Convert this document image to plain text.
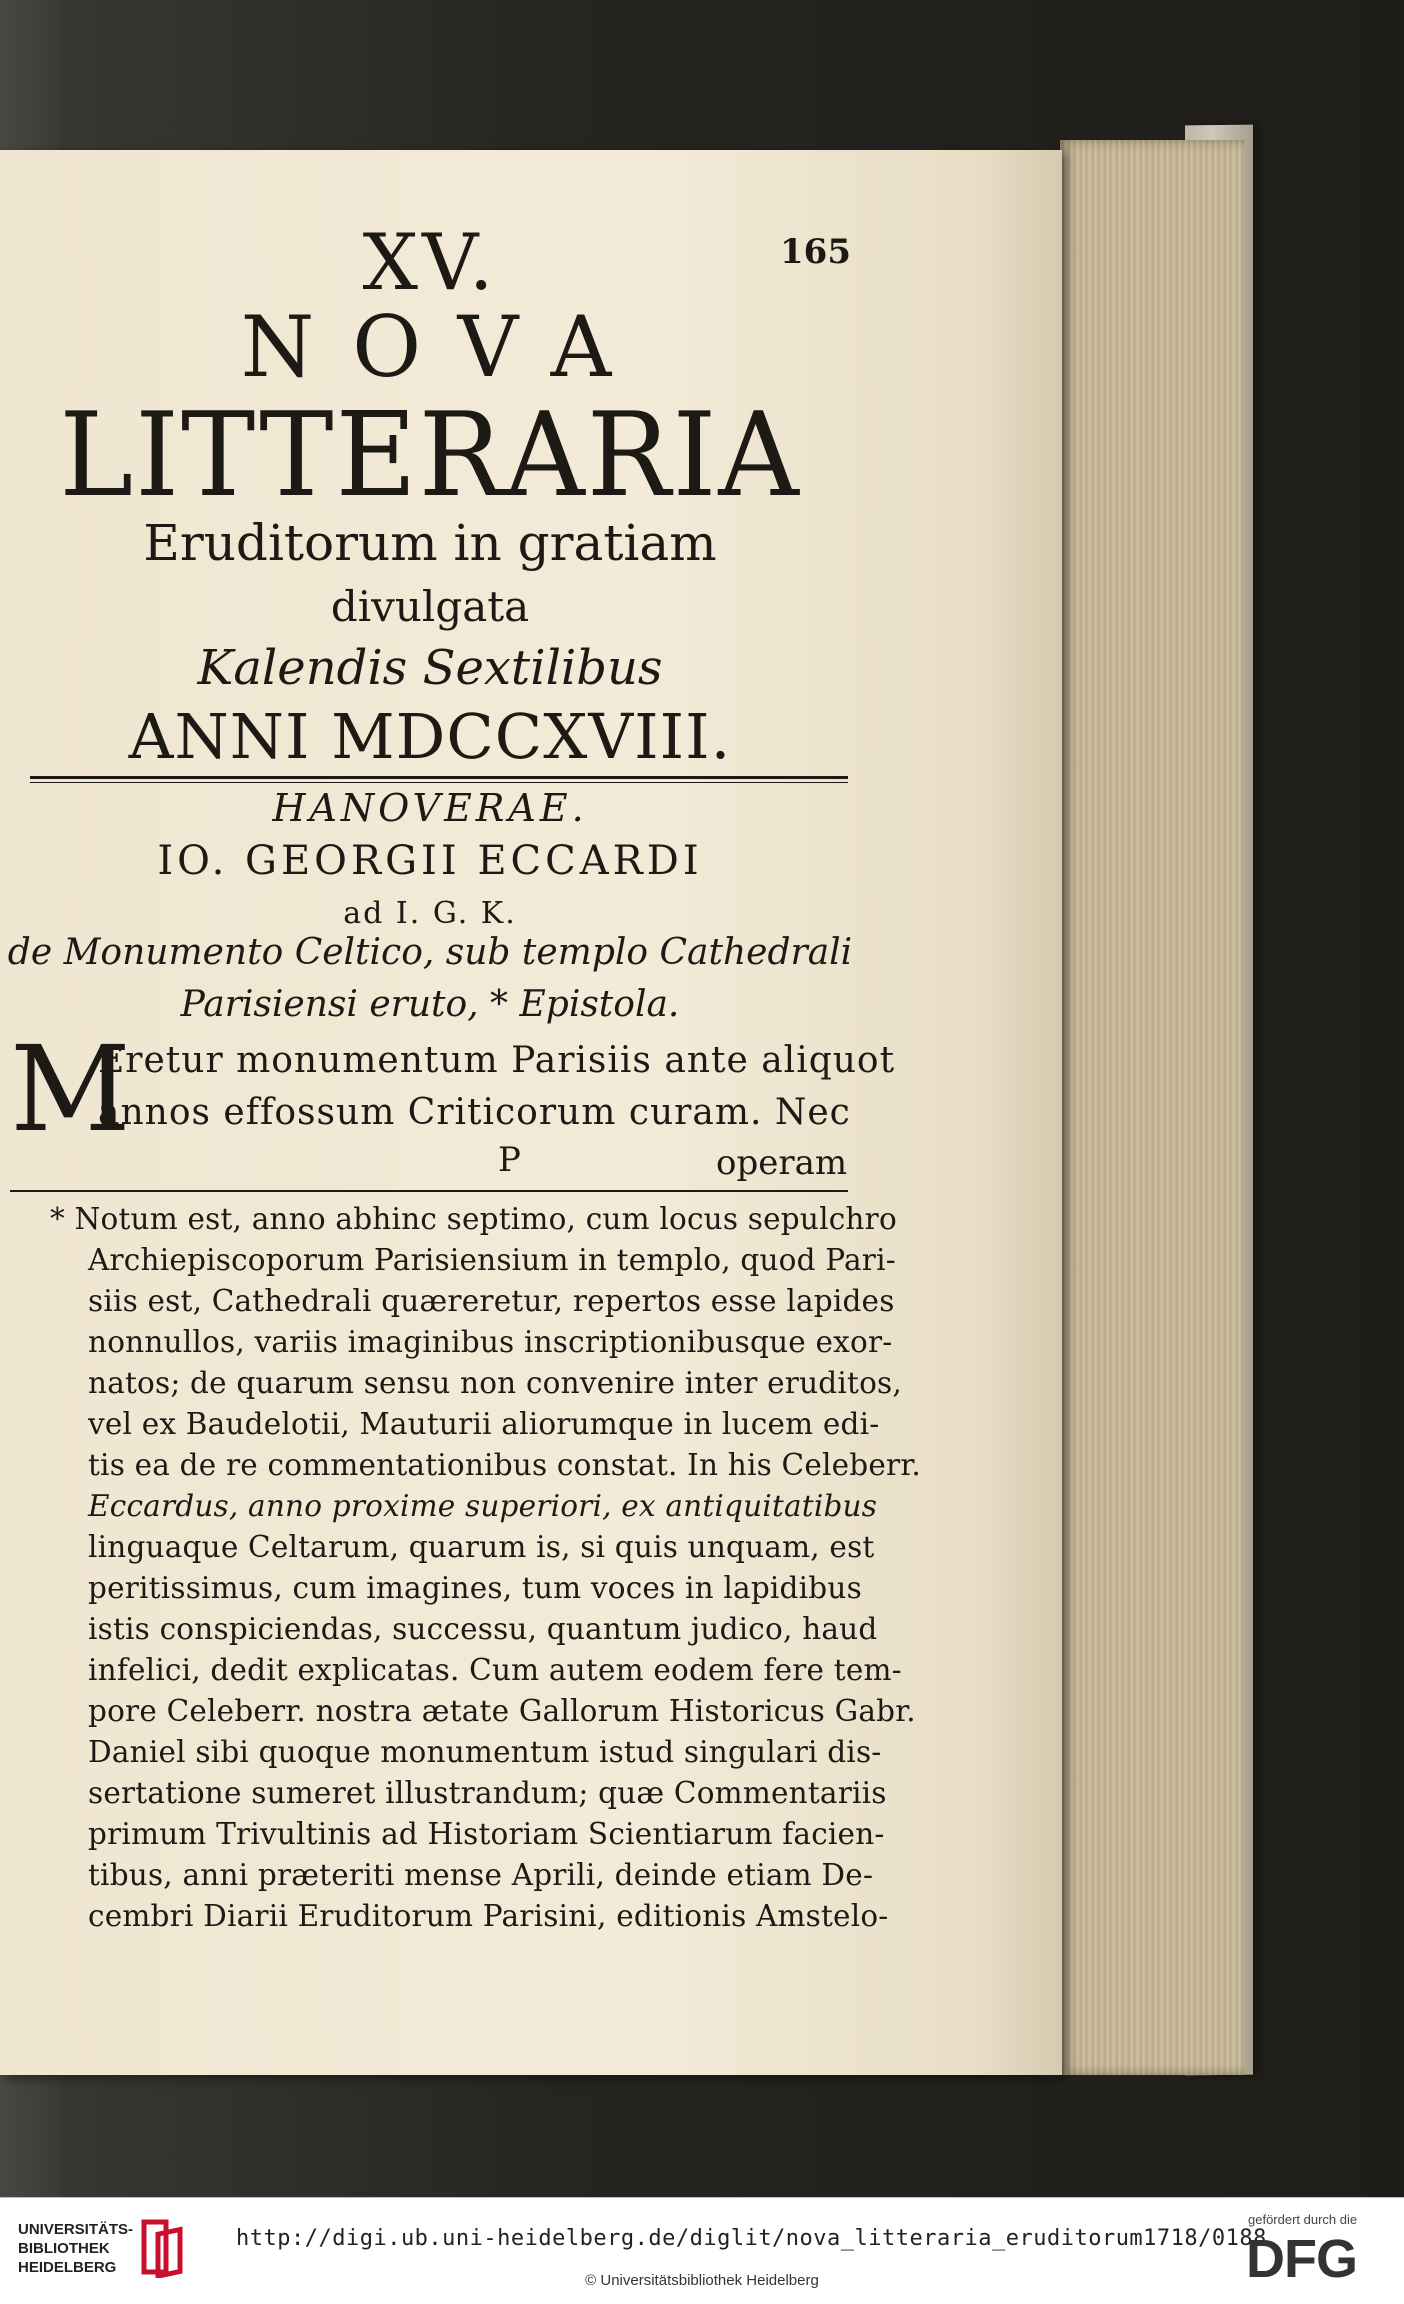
XV.	165
NOVA
LITTERARIA
Eruditorum in gratiam
divulgata
Kalendis Sextilibus
ANNI MDCCXVIII.
HANOVERAE.
IO. GEORGII ECCARDI
ad I. G. K.
de Monumento Celtico, sub templo Cathedrali
Parisiensi eruto, * Epistola.
M
Eretur monumentum Parisiis ante aliquot
annos effossum Criticorum curam. Nec
P	operam
* Notum est, anno abhinc septimo, cum locus sepulchro
Archiepiscoporum Parisiensium in templo, quod Pari-
siis est, Cathedrali quæreretur, repertos esse lapides
nonnullos, variis imaginibus inscriptionibusque exor-
natos; de quarum sensu non convenire inter eruditos,
vel ex Baudelotii, Mauturii aliorumque in lucem edi-
tis ea de re commentationibus constat. In his Celeberr.
Eccardus, anno proxime superiori, ex antiquitatibus
linguaque Celtarum, quarum is, si quis unquam, est
peritissimus, cum imagines, tum voces in lapidibus
istis conspiciendas, successu, quantum judico, haud
infelici, dedit explicatas. Cum autem eodem fere tem-
pore Celeberr. nostra ætate Gallorum Historicus Gabr.
Daniel sibi quoque monumentum istud singulari dis-
sertatione sumeret illustrandum; quæ Commentariis
primum Trivultinis ad Historiam Scientiarum facien-
tibus, anni præteriti mense Aprili, deinde etiam De-
cembri Diarii Eruditorum Parisini, editionis Amstelo-
UNIVERSITÄTS-
BIBLIOTHEK
HEIDELBERG
http://digi.ub.uni-heidelberg.de/diglit/nova_litteraria_eruditorum1718/0188
© Universitätsbibliothek Heidelberg
gefördert durch die
DFG
